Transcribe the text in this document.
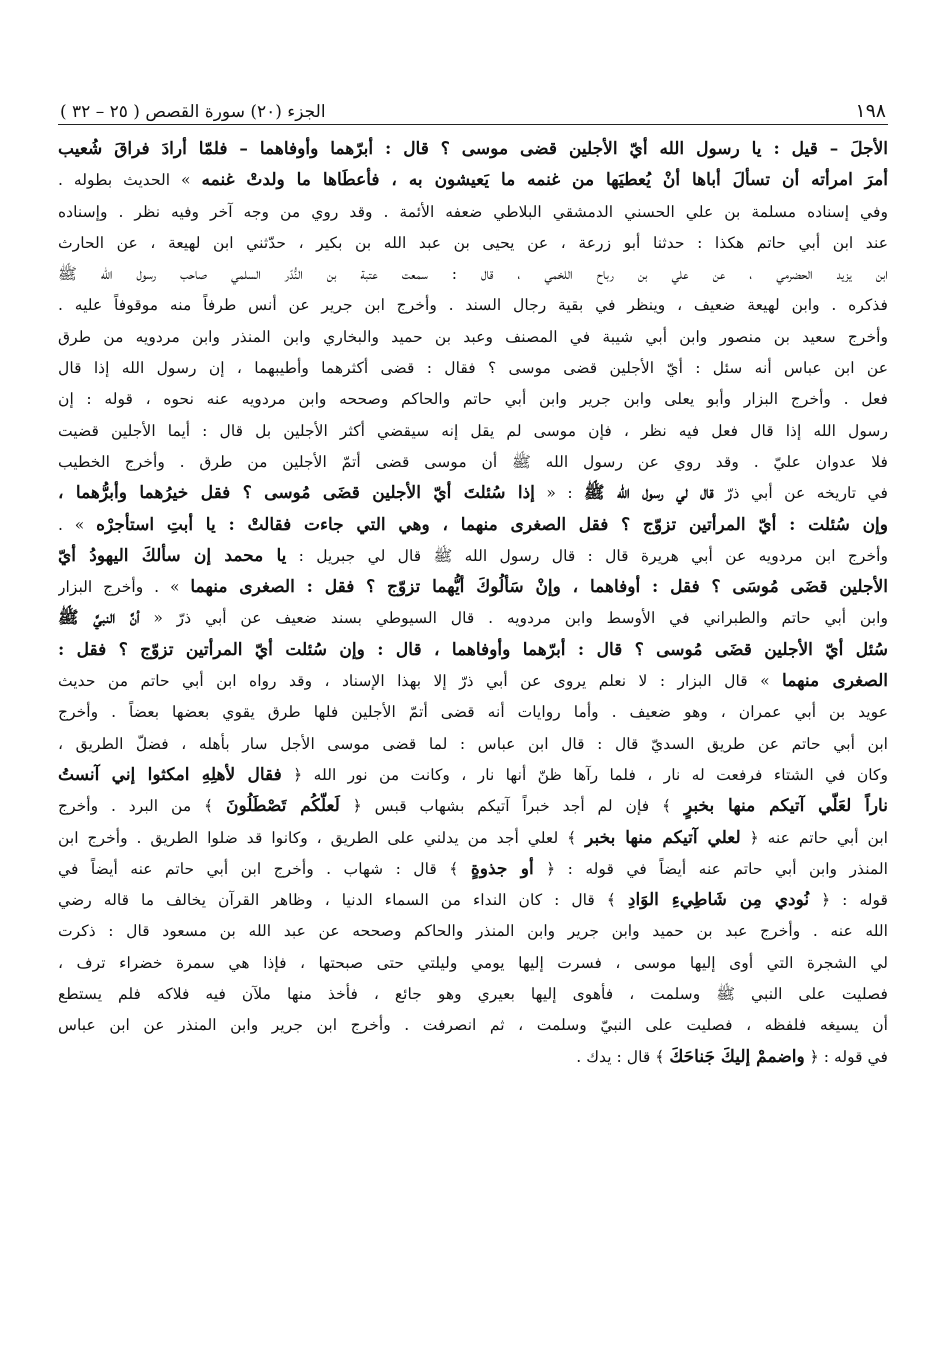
١٩٨
الجزء (٢٠) سورة القصص ( ٢٥ – ٣٢ )
الأجلَ – قيل : يا رسول الله أيّ الأجلين قضى موسى ؟ قال : أبرّهما وأوفاهما – فلمّا أرادَ فراقَ شُعيب
أمرَ امرأته أن تسألَ أباها أنْ يُعطيَها من غنمه ما يَعيشون به ، فأعطَاها ما ولدتْ غنمه » الحديث بطوله .
وفي إسناده مسلمة بن علي الحسني الدمشقي البلاطي ضعفه الأئمة . وقد روي من وجه آخر وفيه نظر . وإسناده
عند ابن أبي حاتم هكذا : حدثنا أبو زرعة ، عن يحيى بن عبد الله بن بكير ، حدّثني ابن لهيعة ، عن الحارث
ابن يزيد الحضرمي ، عن علي بن رباح اللخمي ، قال : سمعت عتبة بن النُّدّر السلمي صاحب رسول الله ﷺ
فذكره . وابن لهيعة ضعيف ، وينظر في بقية رجال السند . وأخرج ابن جرير عن أنس طرفاً منه موقوفاً عليه .
وأخرج سعيد بن منصور وابن أبي شيبة في المصنف وعبد بن حميد والبخاري وابن المنذر وابن مردويه من طرق
عن ابن عباس أنه سئل : أيّ الأجلين قضى موسى ؟ فقال : قضى أكثرهما وأطيبهما ، إن رسول الله إذا قال
فعل . وأخرج البزار وأبو يعلى وابن جرير وابن أبي حاتم والحاكم وصححه وابن مردويه عنه نحوه ، قوله : إن
رسول الله إذا قال فعل فيه نظر ، فإن موسى لم يقل إنه سيقضي أكثر الأجلين بل قال : أيما الأجلين قضيت
فلا عدوان عليّ . وقد روي عن رسول الله ﷺ أن موسى قضى أتمّ الأجلين من طرق . وأخرج الخطيب
في تاريخه عن أبي ذرّ قال لي رسول الله ﷺ : « إذا سُئلتَ أيّ الأجلين قضَى مُوسى ؟ فقل خيرُهما وأبرُّهما ،
وإن سُئلت : أيّ المرأتين تزوّج ؟ فقل الصغرى منهما ، وهي التي جاءت فقالتْ : يا أبتِ استأجرْه » .
وأخرج ابن مردويه عن أبي هريرة قال : قال رسول الله ﷺ قال لي جبريل : يا محمد إن سألكَ اليهودُ أيّ
الأجلين قضَى مُوسَى ؟ فقل : أوفاهما ، وإنْ سَألُوكَ أيُّهما تزوّج ؟ فقل : الصغرى منهما » . وأخرج البزار
وابن أبي حاتم والطبراني في الأوسط وابن مردويه . قال السيوطي بسند ضعيف عن أبي ذرّ « أنَّ النبيَّ ﷺ
سُئل أيّ الأجلين قضَى مُوسى ؟ قال : أبرّهما وأوفاهما ، قال : وإن سُئلت أيّ المرأتين تزوّج ؟ فقل :
الصغرى منهما » قال البزار : لا نعلم يروى عن أبي ذرّ إلا بهذا الإسناد ، وقد رواه ابن أبي حاتم من حديث
عويد بن أبي عمران ، وهو ضعيف . وأما روايات أنه قضى أتمّ الأجلين فلها طرق يقوي بعضها بعضاً . وأخرج
ابن أبي حاتم عن طريق السديّ قال : قال ابن عباس : لما قضى موسى الأجل سار بأهله ، فضلّ الطريق ،
وكان في الشتاء فرفعت له نار ، فلما رآها ظنّ أنها نار ، وكانت من نور الله ﴿ فقال لأهلِهِ امكثوا إني آنستُ
ناراً لعَلّي آتيكم منها بخبرٍ ﴾ فإن لم أجد خبراً آتيكم بشهاب قبس ﴿ لَعلّكُم تَصْطَلُونَ ﴾ من البرد . وأخرج
ابن أبي حاتم عنه ﴿ لعلي آتيكم منها بخبر ﴾ لعلي أجد من يدلني على الطريق ، وكانوا قد ضلوا الطريق . وأخرج ابن
المنذر وابن أبي حاتم عنه أيضاً في قوله : ﴿ أو جذوةٍ ﴾ قال : شهاب . وأخرج ابن أبي حاتم عنه أيضاً في
قوله : ﴿ نُودي مِن شَاطِيءِ الوَادِ ﴾ قال : كان النداء من السماء الدنيا ، وظاهر القرآن يخالف ما قاله رضي
الله عنه . وأخرج عبد بن حميد وابن جرير وابن المنذر والحاكم وصححه عن عبد الله بن مسعود قال : ذكرت
لي الشجرة التي أوى إليها موسى ، فسرت إليها يومي وليلتي حتى صبحتها ، فإذا هي سمرة خضراء ترف ،
فصليت على النبي ﷺ وسلمت ، فأهوى إليها بعيري وهو جائع ، فأخذ منها ملآن فيه فلاكه فلم يستطع
أن يسيغه فلفظه ، فصليت على النبيّ وسلمت ، ثم انصرفت . وأخرج ابن جرير وابن المنذر عن ابن عباس
في قوله : ﴿ واضممْ إليكَ جَناحَكَ ﴾ قال : يدك .
